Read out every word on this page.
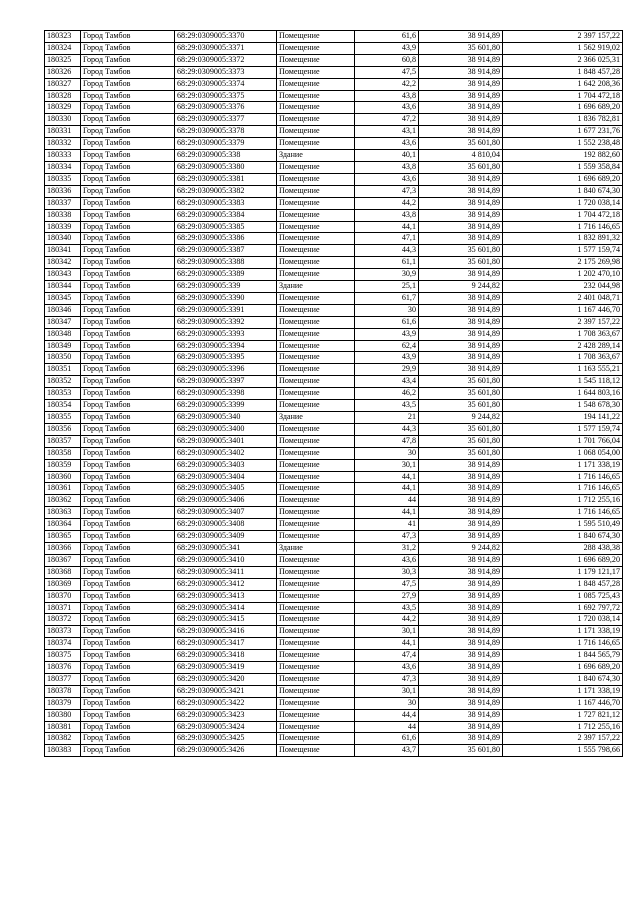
180323	Город Тамбов	68:29:0309005:3370	Помещение	61,6	38 914,89	2 397 157,22
180324	Город Тамбов	68:29:0309005:3371	Помещение	43,9	35 601,80	1 562 919,02
180325	Город Тамбов	68:29:0309005:3372	Помещение	60,8	38 914,89	2 366 025,31
180326	Город Тамбов	68:29:0309005:3373	Помещение	47,5	38 914,89	1 848 457,28
180327	Город Тамбов	68:29:0309005:3374	Помещение	42,2	38 914,89	1 642 208,36
180328	Город Тамбов	68:29:0309005:3375	Помещение	43,8	38 914,89	1 704 472,18
180329	Город Тамбов	68:29:0309005:3376	Помещение	43,6	38 914,89	1 696 689,20
180330	Город Тамбов	68:29:0309005:3377	Помещение	47,2	38 914,89	1 836 782,81
180331	Город Тамбов	68:29:0309005:3378	Помещение	43,1	38 914,89	1 677 231,76
180332	Город Тамбов	68:29:0309005:3379	Помещение	43,6	35 601,80	1 552 238,48
180333	Город Тамбов	68:29:0309005:338	Здание	40,1	4 810,04	192 882,60
180334	Город Тамбов	68:29:0309005:3380	Помещение	43,8	35 601,80	1 559 358,84
180335	Город Тамбов	68:29:0309005:3381	Помещение	43,6	38 914,89	1 696 689,20
180336	Город Тамбов	68:29:0309005:3382	Помещение	47,3	38 914,89	1 840 674,30
180337	Город Тамбов	68:29:0309005:3383	Помещение	44,2	38 914,89	1 720 038,14
180338	Город Тамбов	68:29:0309005:3384	Помещение	43,8	38 914,89	1 704 472,18
180339	Город Тамбов	68:29:0309005:3385	Помещение	44,1	38 914,89	1 716 146,65
180340	Город Тамбов	68:29:0309005:3386	Помещение	47,1	38 914,89	1 832 891,32
180341	Город Тамбов	68:29:0309005:3387	Помещение	44,3	35 601,80	1 577 159,74
180342	Город Тамбов	68:29:0309005:3388	Помещение	61,1	35 601,80	2 175 269,98
180343	Город Тамбов	68:29:0309005:3389	Помещение	30,9	38 914,89	1 202 470,10
180344	Город Тамбов	68:29:0309005:339	Здание	25,1	9 244,82	232 044,98
180345	Город Тамбов	68:29:0309005:3390	Помещение	61,7	38 914,89	2 401 048,71
180346	Город Тамбов	68:29:0309005:3391	Помещение	30	38 914,89	1 167 446,70
180347	Город Тамбов	68:29:0309005:3392	Помещение	61,6	38 914,89	2 397 157,22
180348	Город Тамбов	68:29:0309005:3393	Помещение	43,9	38 914,89	1 708 363,67
180349	Город Тамбов	68:29:0309005:3394	Помещение	62,4	38 914,89	2 428 289,14
180350	Город Тамбов	68:29:0309005:3395	Помещение	43,9	38 914,89	1 708 363,67
180351	Город Тамбов	68:29:0309005:3396	Помещение	29,9	38 914,89	1 163 555,21
180352	Город Тамбов	68:29:0309005:3397	Помещение	43,4	35 601,80	1 545 118,12
180353	Город Тамбов	68:29:0309005:3398	Помещение	46,2	35 601,80	1 644 803,16
180354	Город Тамбов	68:29:0309005:3399	Помещение	43,5	35 601,80	1 548 678,30
180355	Город Тамбов	68:29:0309005:340	Здание	21	9 244,82	194 141,22
180356	Город Тамбов	68:29:0309005:3400	Помещение	44,3	35 601,80	1 577 159,74
180357	Город Тамбов	68:29:0309005:3401	Помещение	47,8	35 601,80	1 701 766,04
180358	Город Тамбов	68:29:0309005:3402	Помещение	30	35 601,80	1 068 054,00
180359	Город Тамбов	68:29:0309005:3403	Помещение	30,1	38 914,89	1 171 338,19
180360	Город Тамбов	68:29:0309005:3404	Помещение	44,1	38 914,89	1 716 146,65
180361	Город Тамбов	68:29:0309005:3405	Помещение	44,1	38 914,89	1 716 146,65
180362	Город Тамбов	68:29:0309005:3406	Помещение	44	38 914,89	1 712 255,16
180363	Город Тамбов	68:29:0309005:3407	Помещение	44,1	38 914,89	1 716 146,65
180364	Город Тамбов	68:29:0309005:3408	Помещение	41	38 914,89	1 595 510,49
180365	Город Тамбов	68:29:0309005:3409	Помещение	47,3	38 914,89	1 840 674,30
180366	Город Тамбов	68:29:0309005:341	Здание	31,2	9 244,82	288 438,38
180367	Город Тамбов	68:29:0309005:3410	Помещение	43,6	38 914,89	1 696 689,20
180368	Город Тамбов	68:29:0309005:3411	Помещение	30,3	38 914,89	1 179 121,17
180369	Город Тамбов	68:29:0309005:3412	Помещение	47,5	38 914,89	1 848 457,28
180370	Город Тамбов	68:29:0309005:3413	Помещение	27,9	38 914,89	1 085 725,43
180371	Город Тамбов	68:29:0309005:3414	Помещение	43,5	38 914,89	1 692 797,72
180372	Город Тамбов	68:29:0309005:3415	Помещение	44,2	38 914,89	1 720 038,14
180373	Город Тамбов	68:29:0309005:3416	Помещение	30,1	38 914,89	1 171 338,19
180374	Город Тамбов	68:29:0309005:3417	Помещение	44,1	38 914,89	1 716 146,65
180375	Город Тамбов	68:29:0309005:3418	Помещение	47,4	38 914,89	1 844 565,79
180376	Город Тамбов	68:29:0309005:3419	Помещение	43,6	38 914,89	1 696 689,20
180377	Город Тамбов	68:29:0309005:3420	Помещение	47,3	38 914,89	1 840 674,30
180378	Город Тамбов	68:29:0309005:3421	Помещение	30,1	38 914,89	1 171 338,19
180379	Город Тамбов	68:29:0309005:3422	Помещение	30	38 914,89	1 167 446,70
180380	Город Тамбов	68:29:0309005:3423	Помещение	44,4	38 914,89	1 727 821,12
180381	Город Тамбов	68:29:0309005:3424	Помещение	44	38 914,89	1 712 255,16
180382	Город Тамбов	68:29:0309005:3425	Помещение	61,6	38 914,89	2 397 157,22
180383	Город Тамбов	68:29:0309005:3426	Помещение	43,7	35 601,80	1 555 798,66
